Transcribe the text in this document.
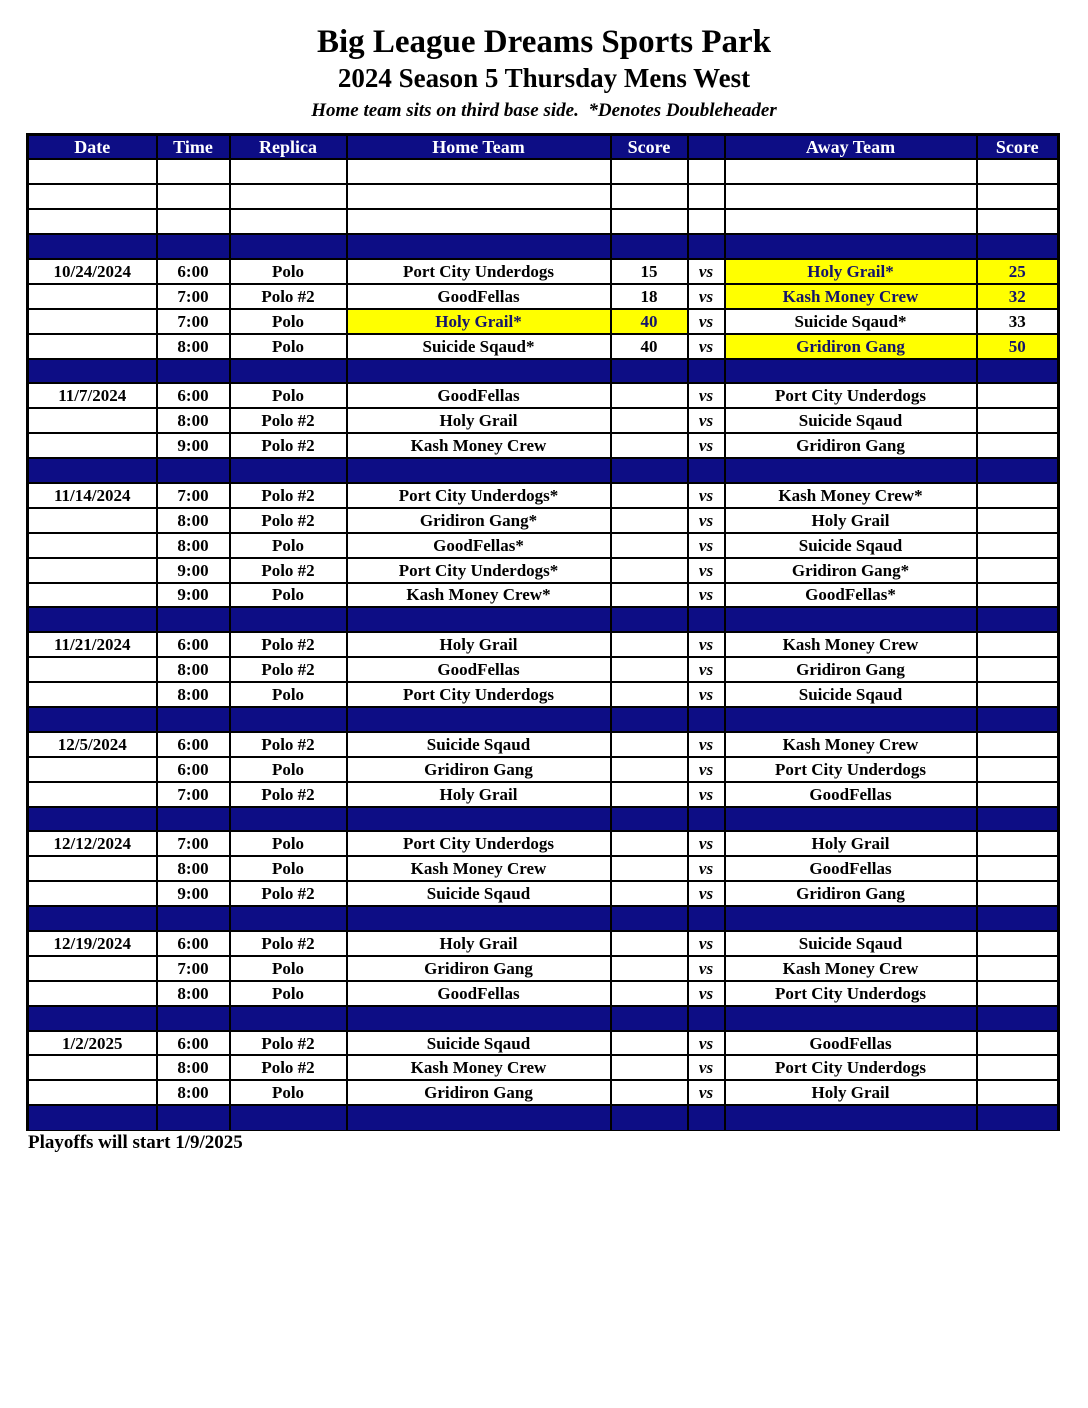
Big League Dreams Sports Park
2024 Season 5 Thursday Mens West
Home team sits on third base side.  *Denotes Doubleheader
Date	Time	Replica	Home Team	Score		Away Team	Score

10/24/2024	6:00	Polo	Port City Underdogs	15	vs	Holy Grail*	25
	7:00	Polo #2	GoodFellas	18	vs	Kash Money Crew	32
	7:00	Polo	Holy Grail*	40	vs	Suicide Sqaud*	33
	8:00	Polo	Suicide Sqaud*	40	vs	Gridiron Gang	50

11/7/2024	6:00	Polo	GoodFellas		vs	Port City Underdogs	
	8:00	Polo #2	Holy Grail		vs	Suicide Sqaud	
	9:00	Polo #2	Kash Money Crew		vs	Gridiron Gang	

11/14/2024	7:00	Polo #2	Port City Underdogs*		vs	Kash Money Crew*	
	8:00	Polo #2	Gridiron Gang*		vs	Holy Grail	
	8:00	Polo	GoodFellas*		vs	Suicide Sqaud	
	9:00	Polo #2	Port City Underdogs*		vs	Gridiron Gang*	
	9:00	Polo	Kash Money Crew*		vs	GoodFellas*	

11/21/2024	6:00	Polo #2	Holy Grail		vs	Kash Money Crew	
	8:00	Polo #2	GoodFellas		vs	Gridiron Gang	
	8:00	Polo	Port City Underdogs		vs	Suicide Sqaud	

12/5/2024	6:00	Polo #2	Suicide Sqaud		vs	Kash Money Crew	
	6:00	Polo	Gridiron Gang		vs	Port City Underdogs	
	7:00	Polo #2	Holy Grail		vs	GoodFellas	

12/12/2024	7:00	Polo	Port City Underdogs		vs	Holy Grail	
	8:00	Polo	Kash Money Crew		vs	GoodFellas	
	9:00	Polo #2	Suicide Sqaud		vs	Gridiron Gang	

12/19/2024	6:00	Polo #2	Holy Grail		vs	Suicide Sqaud	
	7:00	Polo	Gridiron Gang		vs	Kash Money Crew	
	8:00	Polo	GoodFellas		vs	Port City Underdogs	

1/2/2025	6:00	Polo #2	Suicide Sqaud		vs	GoodFellas	
	8:00	Polo #2	Kash Money Crew		vs	Port City Underdogs	
	8:00	Polo	Gridiron Gang		vs	Holy Grail	

Playoffs will start 1/9/2025
